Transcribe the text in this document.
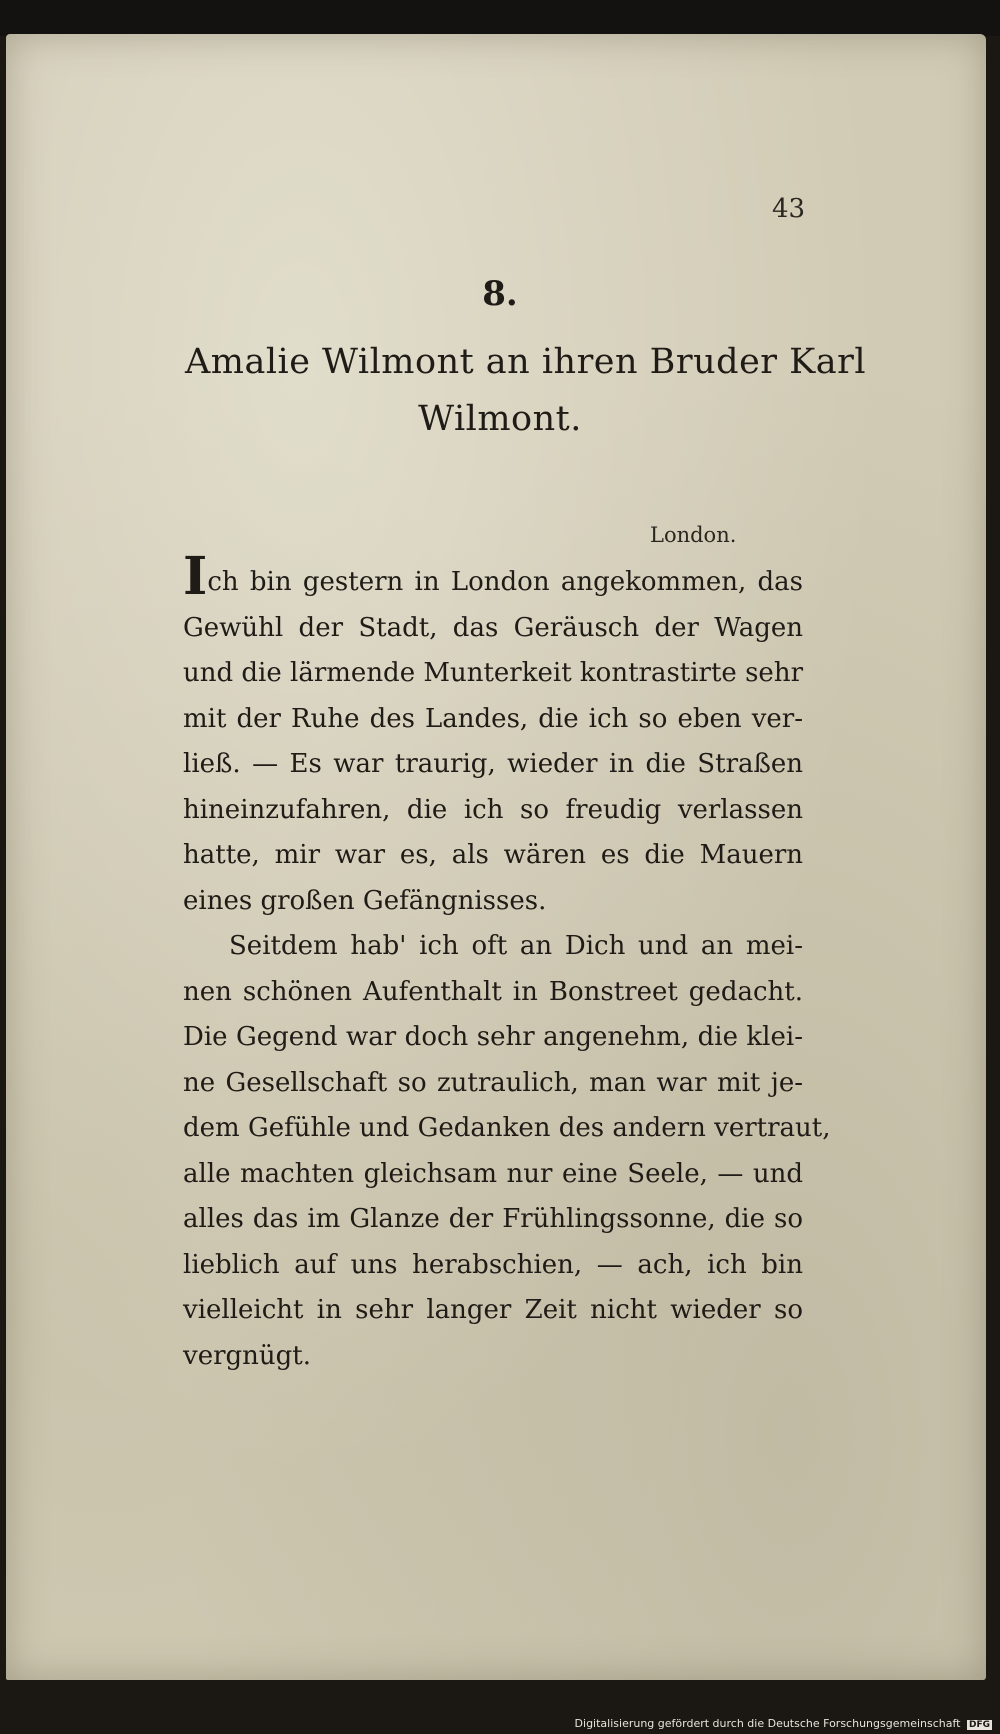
43
8.
Amalie Wilmont an ihren Bruder Karl
Wilmont.
London.
Ich bin gestern in London angekommen, das
Gewühl der Stadt, das Geräusch der Wagen
und die lärmende Munterkeit kontrastirte sehr
mit der Ruhe des Landes, die ich so eben ver-
ließ. — Es war traurig, wieder in die Straßen
hineinzufahren, die ich so freudig verlassen
hatte, mir war es, als wären es die Mauern
eines großen Gefängnisses.
Seitdem hab' ich oft an Dich und an mei-
nen schönen Aufenthalt in Bonstreet gedacht.
Die Gegend war doch sehr angenehm, die klei-
ne Gesellschaft so zutraulich, man war mit je-
dem Gefühle und Gedanken des andern vertraut,
alle machten gleichsam nur eine Seele, — und
alles das im Glanze der Frühlingssonne, die so
lieblich auf uns herabschien, — ach, ich bin
vielleicht in sehr langer Zeit nicht wieder so
vergnügt.
Digitalisierung gefördert durch die Deutsche Forschungsgemeinschaft DFG
